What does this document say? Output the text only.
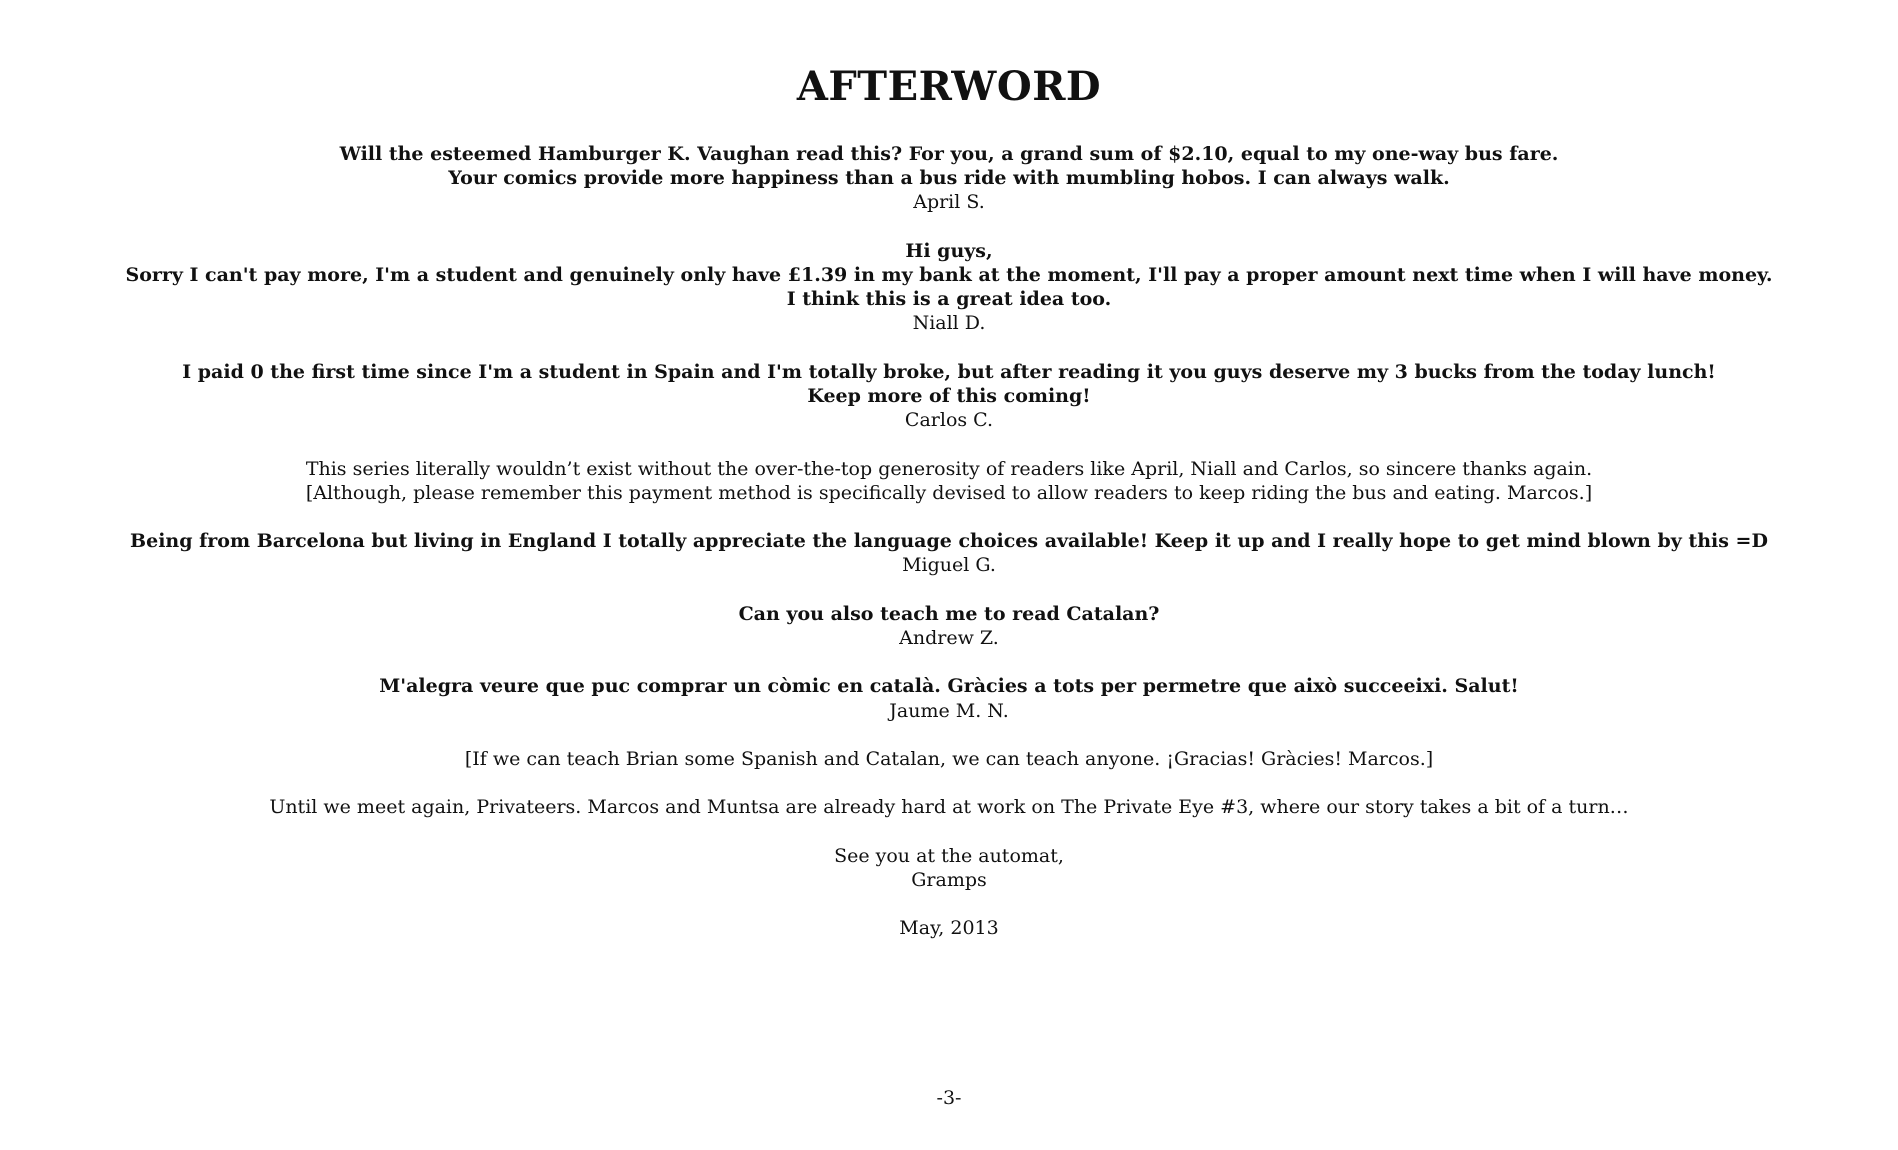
AFTERWORD

Will the esteemed Hamburger K. Vaughan read this? For you, a grand sum of $2.10, equal to my one-way bus fare.
Your comics provide more happiness than a bus ride with mumbling hobos. I can always walk.
April S.

Hi guys,
Sorry I can't pay more, I'm a student and genuinely only have £1.39 in my bank at the moment, I'll pay a proper amount next time when I will have money.
I think this is a great idea too.
Niall D.

I paid 0 the first time since I'm a student in Spain and I'm totally broke, but after reading it you guys deserve my 3 bucks from the today lunch!
Keep more of this coming!
Carlos C.

This series literally wouldn’t exist without the over-the-top generosity of readers like April, Niall and Carlos, so sincere thanks again.
[Although, please remember this payment method is specifically devised to allow readers to keep riding the bus and eating. Marcos.]

Being from Barcelona but living in England I totally appreciate the language choices available! Keep it up and I really hope to get mind blown by this =D
Miguel G.

Can you also teach me to read Catalan?
Andrew Z.

M'alegra veure que puc comprar un còmic en català. Gràcies a tots per permetre que això succeeixi. Salut!
Jaume M. N.

[If we can teach Brian some Spanish and Catalan, we can teach anyone. ¡Gracias! Gràcies! Marcos.]

Until we meet again, Privateers. Marcos and Muntsa are already hard at work on The Private Eye #3, where our story takes a bit of a turn…

See you at the automat,
Gramps

May, 2013

-3-
